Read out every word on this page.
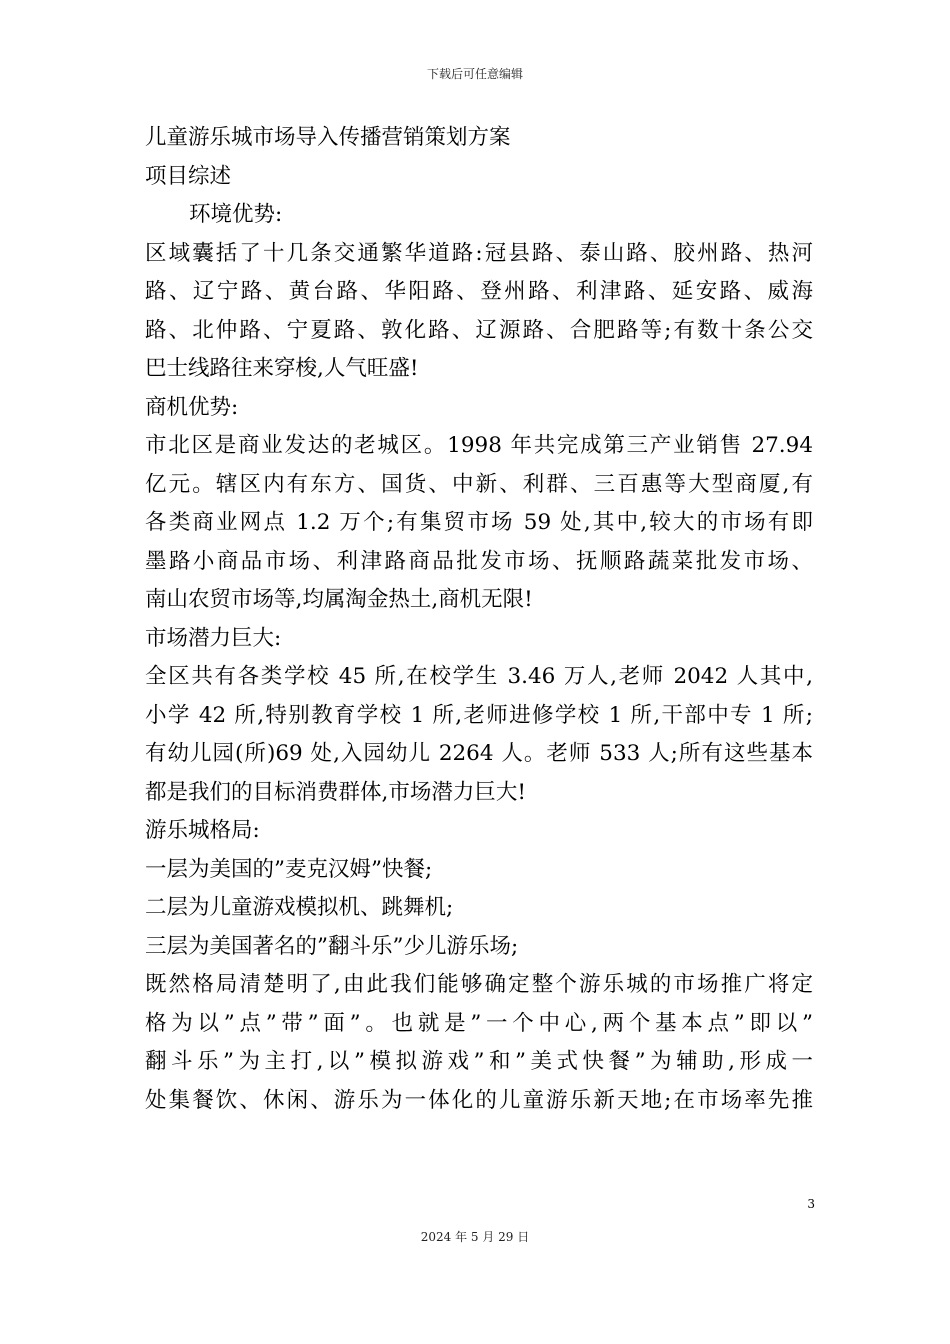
下载后可任意编辑
儿童游乐城市场导入传播营销策划方案
项目综述
环境优势:
区域囊括了十几条交通繁华道路:冠县路、泰山路、胶州路、热河
路、辽宁路、黄台路、华阳路、登州路、利津路、延安路、威海
路、北仲路、宁夏路、敦化路、辽源路、合肥路等;有数十条公交
巴士线路往来穿梭,人气旺盛!
商机优势:
市北区是商业发达的老城区。1998 年共完成第三产业销售 27.94
亿元。辖区内有东方、国货、中新、利群、三百惠等大型商厦,有
各类商业网点 1.2 万个;有集贸市场 59 处,其中,较大的市场有即
墨路小商品市场、利津路商品批发市场、抚顺路蔬菜批发市场、
南山农贸市场等,均属淘金热土,商机无限!
市场潜力巨大:
全区共有各类学校 45 所,在校学生 3.46 万人,老师 2042 人其中,
小学 42 所,特别教育学校 1 所,老师进修学校 1 所,干部中专 1 所;
有幼儿园(所)69 处,入园幼儿 2264 人。老师 533 人;所有这些基本
都是我们的目标消费群体,市场潜力巨大!
游乐城格局:
一层为美国的”麦克汉姆”快餐;
二层为儿童游戏模拟机、跳舞机;
三层为美国著名的”翻斗乐”少儿游乐场;
既然格局清楚明了,由此我们能够确定整个游乐城的市场推广将定
格为以”点”带”面”。也就是”一个中心,两个基本点”即以”
翻斗乐”为主打,以”模拟游戏”和”美式快餐”为辅助,形成一
处集餐饮、休闲、游乐为一体化的儿童游乐新天地;在市场率先推
3
2024 年 5 月 29 日
